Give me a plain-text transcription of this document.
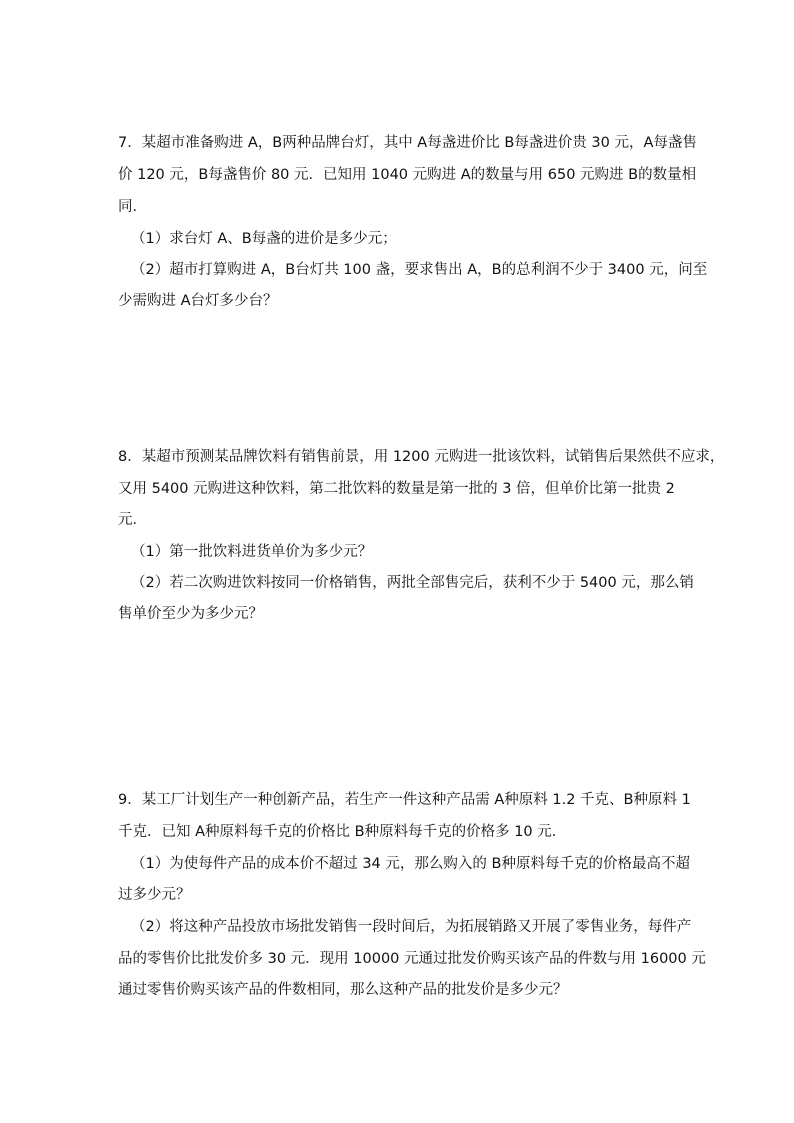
7．某超市准备购进 A，B两种品牌台灯，其中 A每盏进价比 B每盏进价贵 30 元，A每盏售
价 120 元，B每盏售价 80 元．已知用 1040 元购进 A的数量与用 650 元购进 B的数量相
同．
（1）求台灯 A、B每盏的进价是多少元；
（2）超市打算购进 A，B台灯共 100 盏，要求售出 A，B的总利润不少于 3400 元，问至
少需购进 A台灯多少台？
8．某超市预测某品牌饮料有销售前景，用 1200 元购进一批该饮料，试销售后果然供不应求，
又用 5400 元购进这种饮料，第二批饮料的数量是第一批的 3 倍，但单价比第一批贵 2
元．
（1）第一批饮料进货单价为多少元？
（2）若二次购进饮料按同一价格销售，两批全部售完后，获利不少于 5400 元，那么销
售单价至少为多少元？
9．某工厂计划生产一种创新产品，若生产一件这种产品需 A种原料 1.2 千克、B种原料 1
千克．已知 A种原料每千克的价格比 B种原料每千克的价格多 10 元．
（1）为使每件产品的成本价不超过 34 元，那么购入的 B种原料每千克的价格最高不超
过多少元？
（2）将这种产品投放市场批发销售一段时间后，为拓展销路又开展了零售业务，每件产
品的零售价比批发价多 30 元．现用 10000 元通过批发价购买该产品的件数与用 16000 元
通过零售价购买该产品的件数相同，那么这种产品的批发价是多少元？
